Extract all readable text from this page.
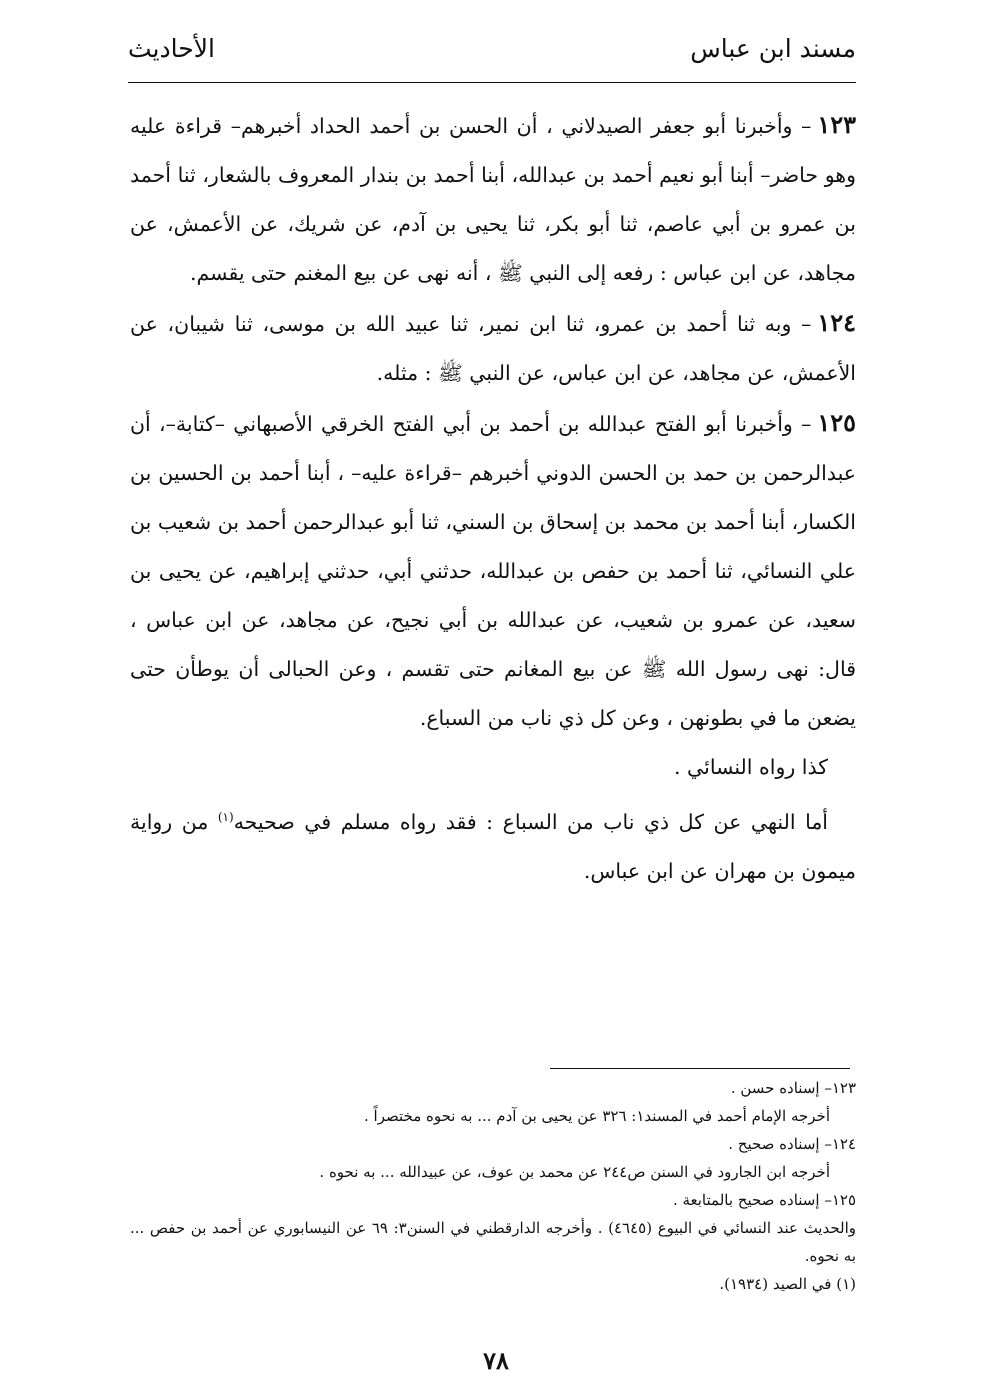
مسند ابن عباس
الأحاديث

١٢٣– وأخبرنا أبو جعفر الصيدلاني ، أن الحسن بن أحمد الحداد أخبرهم– قراءة عليه وهو حاضر– أبنا أبو نعيم أحمد بن عبدالله، أبنا أحمد بن بندار المعروف بالشعار، ثنا أحمد بن عمرو بن أبي عاصم، ثنا أبو بكر، ثنا يحيى بن آدم، عن شريك، عن الأعمش، عن مجاهد، عن ابن عباس : رفعه إلى النبي ﷺ ، أنه نهى عن بيع المغنم حتى يقسم.

١٢٤– وبه ثنا أحمد بن عمرو، ثنا ابن نمير، ثنا عبيد الله بن موسى، ثنا شيبان، عن الأعمش، عن مجاهد، عن ابن عباس، عن النبي ﷺ : مثله.

١٢٥– وأخبرنا أبو الفتح عبدالله بن أحمد بن أبي الفتح الخرقي الأصبهاني –كتابة–، أن عبدالرحمن بن حمد بن الحسن الدوني أخبرهم –قراءة عليه– ، أبنا أحمد بن الحسين بن الكسار، أبنا أحمد بن محمد بن إسحاق بن السني، ثنا أبو عبدالرحمن أحمد بن شعيب بن علي النسائي، ثنا أحمد بن حفص بن عبدالله، حدثني أبي، حدثني إبراهيم، عن يحيى بن سعيد، عن عمرو بن شعيب، عن عبدالله بن أبي نجيح، عن مجاهد، عن ابن عباس ، قال: نهى رسول الله ﷺ عن بيع المغانم حتى تقسم ، وعن الحبالى أن يوطأن حتى يضعن ما في بطونهن ، وعن كل ذي ناب من السباع.

كذا رواه النسائي .

أما النهي عن كل ذي ناب من السباع : فقد رواه مسلم في صحيحه$^{(١)}$ من رواية ميمون بن مهران عن ابن عباس.

١٢٣– إسناده حسن .

أخرجه الإمام أحمد في المسند١: ٣٢٦ عن يحيى بن آدم ... به نحوه مختصراً .

١٢٤– إسناده صحيح .

أخرجه ابن الجارود في السنن ص٢٤٤ عن محمد بن عوف، عن عبيدالله ... به نحوه .

١٢٥– إسناده صحيح بالمتابعة .

والحديث عند النسائي في البيوع (٤٦٤٥) . وأخرجه الدارقطني في السنن٣: ٦٩ عن النيسابوري عن أحمد بن حفص ... به نحوه.

(١) في الصيد (١٩٣٤).

٧٨
